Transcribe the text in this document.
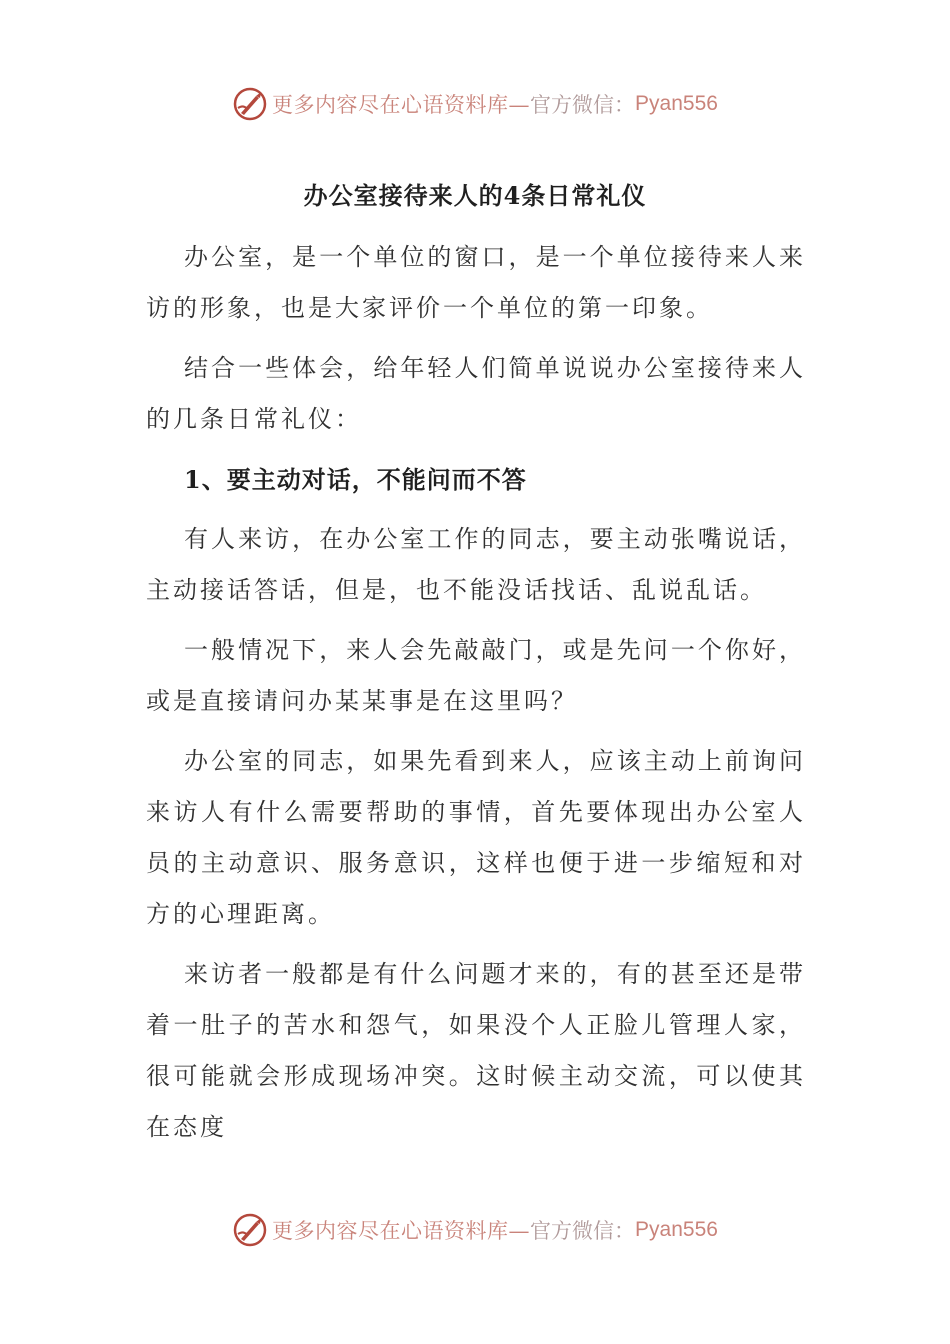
更多内容尽在心语资料库— 官方微信： Pyan556
办公室接待来人的4条日常礼仪

办公室，是一个单位的窗口，是一个单位接待来人来访的形象，也是大家评价一个单位的第一印象。

结合一些体会，给年轻人们简单说说办公室接待来人的几条日常礼仪：

1、要主动对话，不能问而不答

有人来访，在办公室工作的同志，要主动张嘴说话，主动接话答话，但是，也不能没话找话、乱说乱话。

一般情况下，来人会先敲敲门，或是先问一个你好，或是直接请问办某某事是在这里吗？

办公室的同志，如果先看到来人，应该主动上前询问来访人有什么需要帮助的事情，首先要体现出办公室人员的主动意识、服务意识，这样也便于进一步缩短和对方的心理距离。

来访者一般都是有什么问题才来的，有的甚至还是带着一肚子的苦水和怨气，如果没个人正脸儿管理人家，很可能就会形成现场冲突。这时候主动交流，可以使其在态度

更多内容尽在心语资料库— 官方微信： Pyan556
